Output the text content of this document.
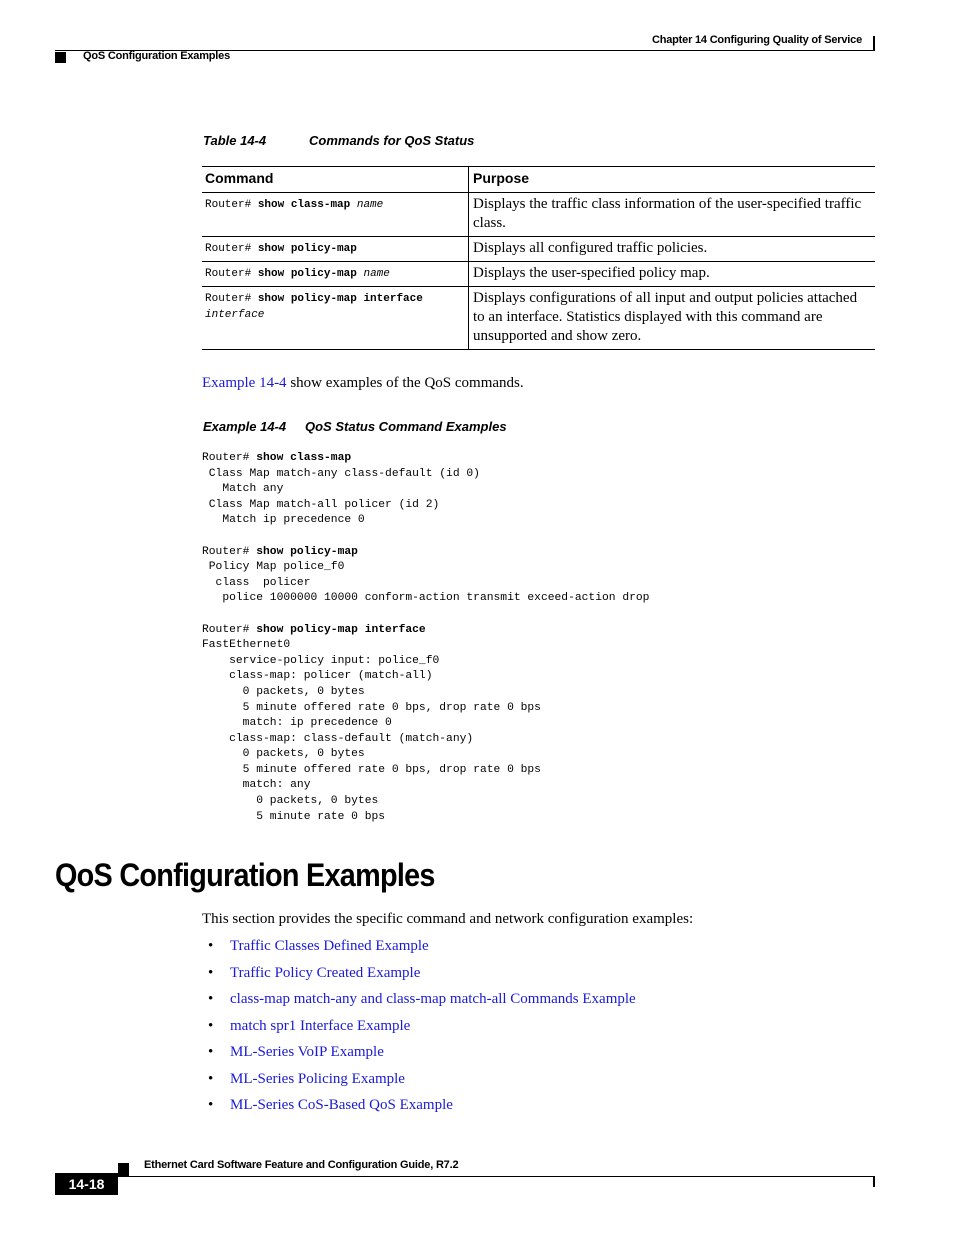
Chapter 14 Configuring Quality of Service
QoS Configuration Examples
Table 14-4	Commands for QoS Status
Command	Purpose
Router# show class-map name	Displays the traffic class information of the user-specified traffic class.
Router# show policy-map	Displays all configured traffic policies.
Router# show policy-map name	Displays the user-specified policy map.
Router# show policy-map interface
interface	Displays configurations of all input and output policies attached to an interface. Statistics displayed with this command are unsupported and show zero.
Example 14-4 show examples of the QoS commands.
Example 14-4 QoS Status Command Examples
Router# show class-map
Class Map match-any class-default (id 0)
Match any
Class Map match-all policer (id 2)
Match ip precedence 0

Router# show policy-map
Policy Map police_f0
class  policer
police 1000000 10000 conform-action transmit exceed-action drop

Router# show policy-map interface
FastEthernet0
service-policy input: police_f0
class-map: policer (match-all)
0 packets, 0 bytes
5 minute offered rate 0 bps, drop rate 0 bps
match: ip precedence 0
class-map: class-default (match-any)
0 packets, 0 bytes
5 minute offered rate 0 bps, drop rate 0 bps
match: any
0 packets, 0 bytes
5 minute rate 0 bps
QoS Configuration Examples
This section provides the specific command and network configuration examples:
• Traffic Classes Defined Example
• Traffic Policy Created Example
• class-map match-any and class-map match-all Commands Example
• match spr1 Interface Example
• ML-Series VoIP Example
• ML-Series Policing Example
• ML-Series CoS-Based QoS Example
Ethernet Card Software Feature and Configuration Guide, R7.2
14-18
